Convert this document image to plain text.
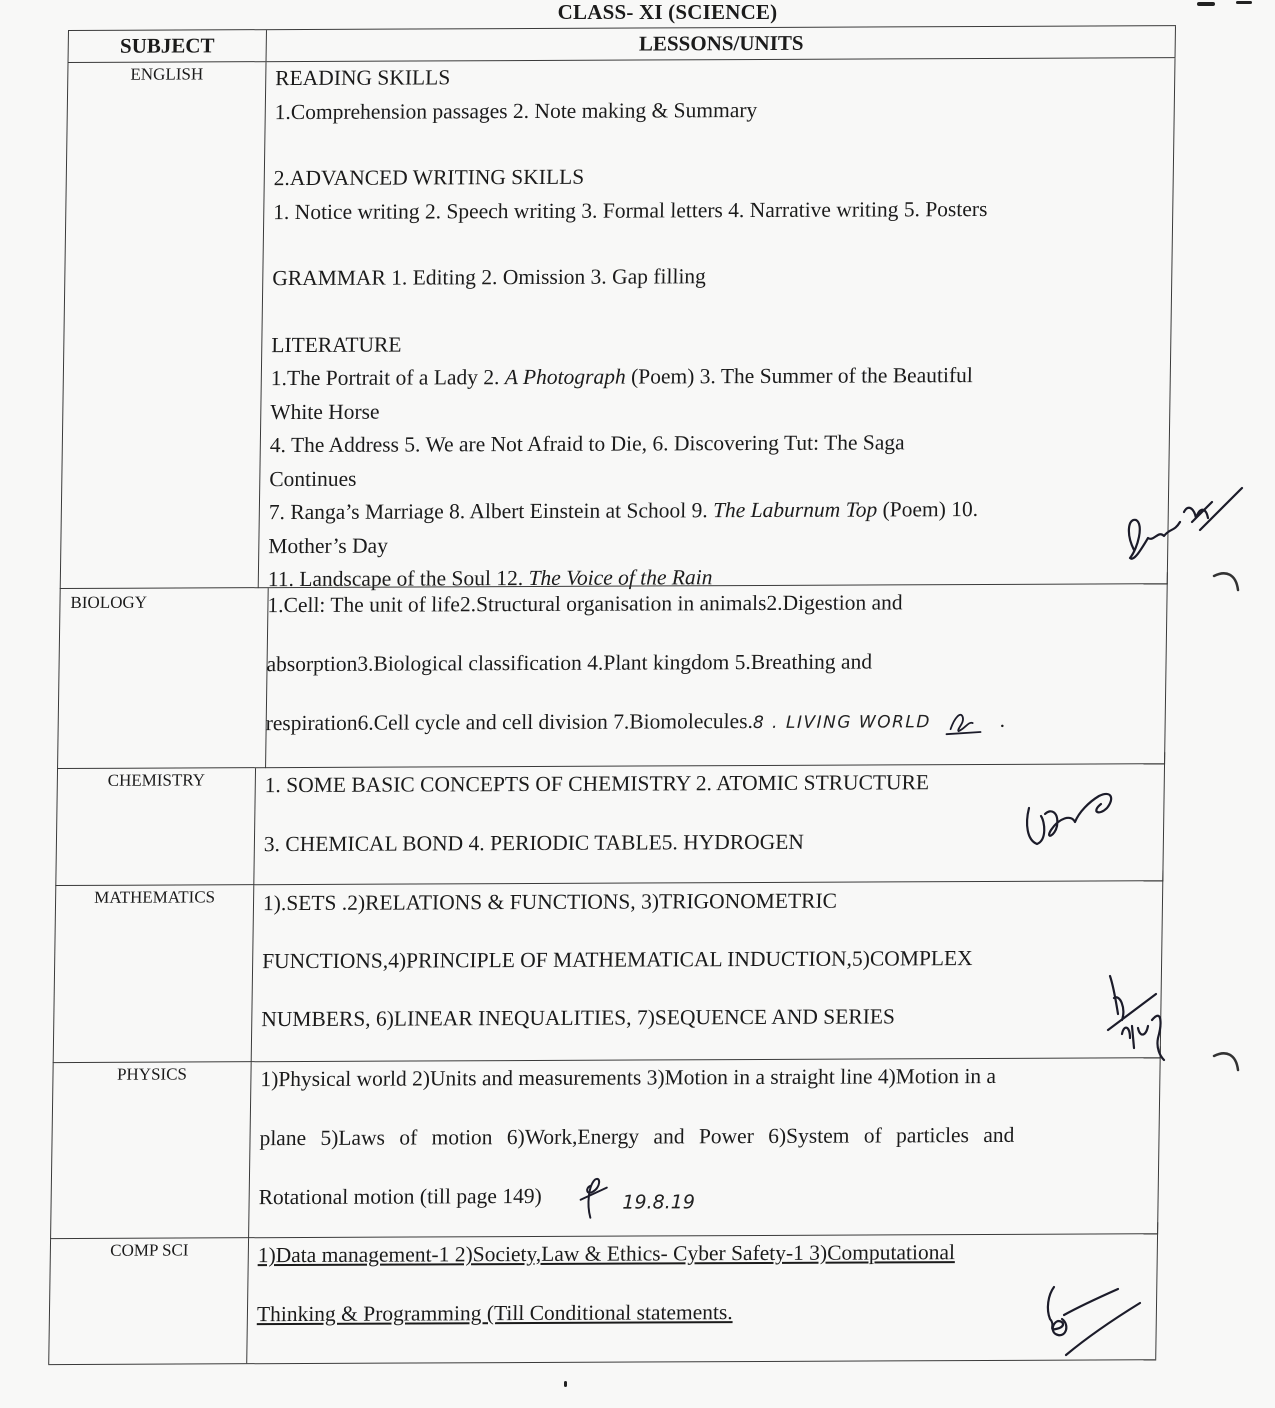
CLASS- XI (SCIENCE)
SUBJECT	LESSONS/UNITS
ENGLISH	READING SKILLS
1.Comprehension passages 2. Note making & Summary
2.ADVANCED WRITING SKILLS
1. Notice writing 2. Speech writing 3. Formal letters 4. Narrative writing 5. Posters
GRAMMAR 1. Editing 2. Omission 3. Gap filling
LITERATURE
1.The Portrait of a Lady 2. A Photograph (Poem) 3. The Summer of the Beautiful
White Horse
4. The Address 5. We are Not Afraid to Die, 6. Discovering Tut: The Saga
Continues
7. Ranga’s Marriage 8. Albert Einstein at School 9. The Laburnum Top (Poem) 10.
Mother’s Day
11. Landscape of the Soul 12. The Voice of the Rain
BIOLOGY	1.Cell: The unit of life2.Structural organisation in animals2.Digestion and
absorption3.Biological classification 4.Plant kingdom 5.Breathing and
respiration6.Cell cycle and cell division 7.Biomolecules.8 . LIVING WORLD	.
CHEMISTRY	1. SOME BASIC CONCEPTS OF CHEMISTRY 2. ATOMIC STRUCTURE
3. CHEMICAL BOND 4. PERIODIC TABLE5. HYDROGEN
MATHEMATICS	1).SETS .2)RELATIONS & FUNCTIONS, 3)TRIGONOMETRIC
FUNCTIONS,4)PRINCIPLE OF MATHEMATICAL INDUCTION,5)COMPLEX
NUMBERS, 6)LINEAR INEQUALITIES, 7)SEQUENCE AND SERIES
PHYSICS	1)Physical world 2)Units and measurements 3)Motion in a straight line 4)Motion in a
plane 5)Laws of motion 6)Work,Energy and Power 6)System of particles and
Rotational motion (till page 149)	19.8.19
COMP SCI	1)Data management-1 2)Society,Law & Ethics- Cyber Safety-1 3)Computational
Thinking & Programming (Till Conditional statements.
